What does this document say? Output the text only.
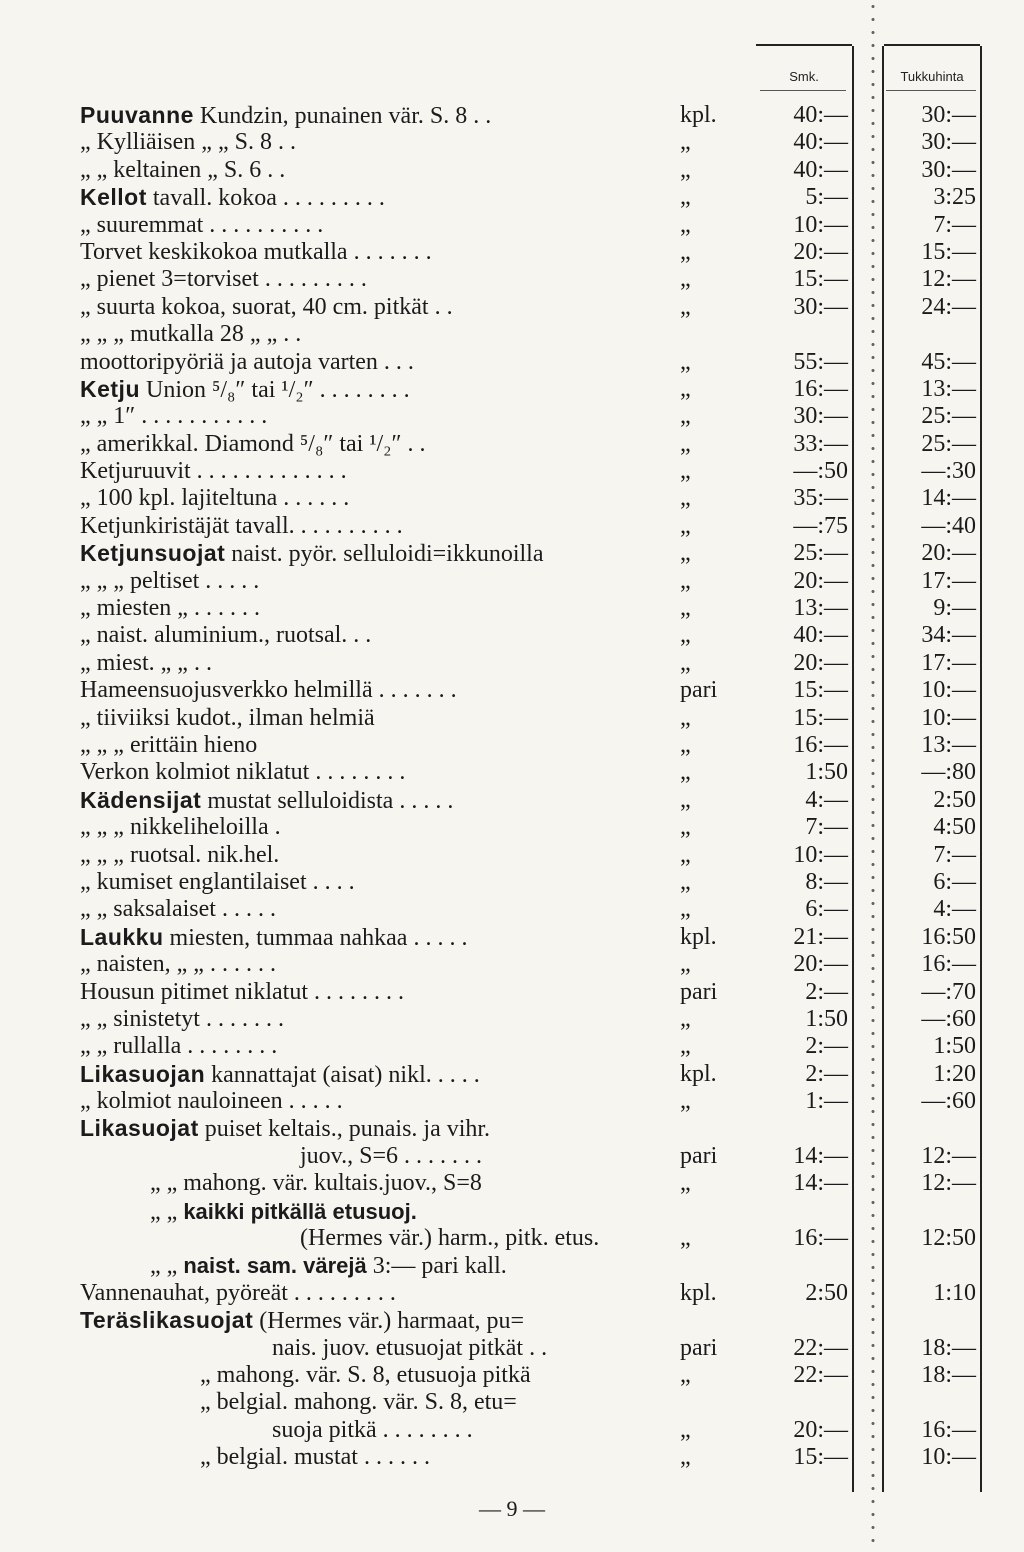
Smk.	Tukkuhinta
Puuvanne Kundzin, punainen vär. S. 8 . .	kpl.	40:—	30:—
„ Kylliäisen „ „ S. 8 . .	„	40:—	30:—
„ „ keltainen „ S. 6 . .	„	40:—	30:—
Kellot tavall. kokoa . . . . . . . . .	„	5:—	3:25
„ suuremmat . . . . . . . . . .	„	10:—	7:—
Torvet keskikokoa mutkalla . . . . . . .	„	20:—	15:—
„ pienet 3=torviset . . . . . . . . .	„	15:—	12:—
„ suurta kokoa, suorat, 40 cm. pitkät . .	„	30:—	24:—
„ „ „ mutkalla 28 „ „ . .
moottoripyöriä ja autoja varten . . .	„	55:—	45:—
Ketju Union ⁵/₈″ tai ¹/₂″ . . . . . . . .	„	16:—	13:—
„ „ 1″ . . . . . . . . . . .	„	30:—	25:—
„ amerikkal. Diamond ⁵/₈″ tai ¹/₂″ . .	„	33:—	25:—
Ketjuruuvit . . . . . . . . . . . . .	„	—:50	—:30
„ 100 kpl. lajiteltuna . . . . . .	„	35:—	14:—
Ketjunkiristäjät tavall. . . . . . . . . .	„	—:75	—:40
Ketjunsuojat naist. pyör. selluloidi=ikkunoilla	„	25:—	20:—
„ „ „ peltiset . . . . .	„	20:—	17:—
„ miesten „ . . . . . .	„	13:—	9:—
„ naist. aluminium., ruotsal. . .	„	40:—	34:—
„ miest. „ „ . .	„	20:—	17:—
Hameensuojusverkko helmillä . . . . . . .	pari	15:—	10:—
„ tiiviiksi kudot., ilman helmiä	„	15:—	10:—
„ „ „ erittäin hieno	„	16:—	13:—
Verkon kolmiot niklatut . . . . . . . .	„	1:50	—:80
Kädensijat mustat selluloidista . . . . .	„	4:—	2:50
„ „ „ nikkeliheloilla .	„	7:—	4:50
„ „ „ ruotsal. nik.hel.	„	10:—	7:—
„ kumiset englantilaiset . . . .	„	8:—	6:—
„ „ saksalaiset . . . . .	„	6:—	4:—
Laukku miesten, tummaa nahkaa . . . . .	kpl.	21:—	16:50
„ naisten, „ „ . . . . . .	„	20:—	16:—
Housun pitimet niklatut . . . . . . . .	pari	2:—	—:70
„ „ sinistetyt . . . . . . .	„	1:50	—:60
„ „ rullalla . . . . . . . .	„	2:—	1:50
Likasuojan kannattajat (aisat) nikl. . . . .	kpl.	2:—	1:20
„ kolmiot nauloineen . . . . .	„	1:—	—:60
Likasuojat puiset keltais., punais. ja vihr.
juov., S=6 . . . . . . .	pari	14:—	12:—
„ „ mahong. vär. kultais.juov., S=8	„	14:—	12:—
„ „ kaikki pitkällä etusuoj.
(Hermes vär.) harm., pitk. etus.	„	16:—	12:50
„ „ naist. sam. värejä 3:— pari kall.
Vannenauhat, pyöreät . . . . . . . . .	kpl.	2:50	1:10
Teräslikasuojat (Hermes vär.) harmaat, pu=
nais. juov. etusuojat pitkät . .	pari	22:—	18:—
„ mahong. vär. S. 8, etusuoja pitkä	„	22:—	18:—
„ belgial. mahong. vär. S. 8, etu=
suoja pitkä . . . . . . . .	„	20:—	16:—
„ belgial. mustat . . . . . .	„	15:—	10:—
— 9 —
